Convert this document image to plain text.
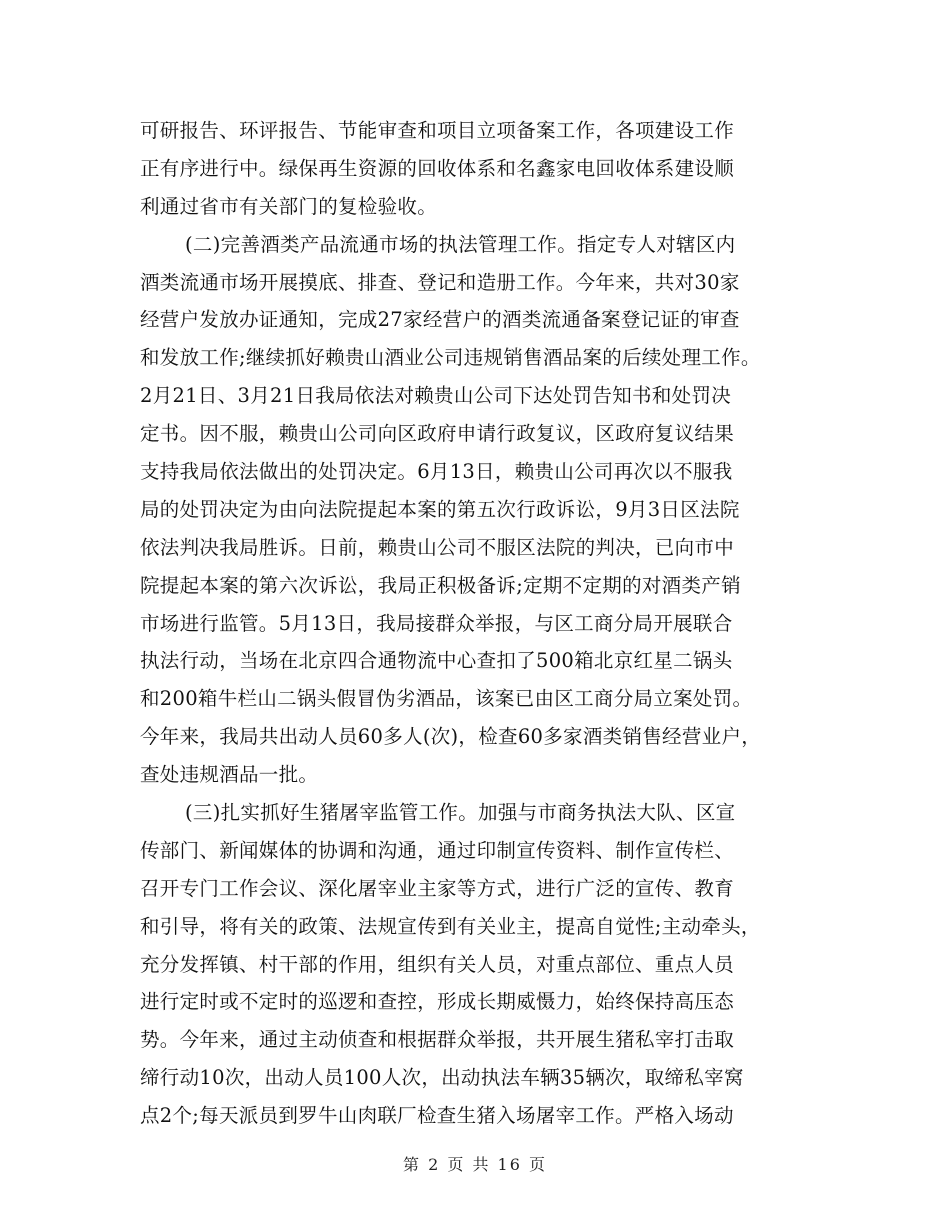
可研报告、环评报告、节能审查和项目立项备案工作，各项建设工作
正有序进行中。绿保再生资源的回收体系和名鑫家电回收体系建设顺
利通过省市有关部门的复检验收。
(二)完善酒类产品流通市场的执法管理工作。指定专人对辖区内
酒类流通市场开展摸底、排查、登记和造册工作。今年来，共对30家
经营户发放办证通知，完成27家经营户的酒类流通备案登记证的审查
和发放工作;继续抓好赖贵山酒业公司违规销售酒品案的后续处理工作。
2月21日、3月21日我局依法对赖贵山公司下达处罚告知书和处罚决
定书。因不服，赖贵山公司向区政府申请行政复议，区政府复议结果
支持我局依法做出的处罚决定。6月13日，赖贵山公司再次以不服我
局的处罚决定为由向法院提起本案的第五次行政诉讼，9月3日区法院
依法判决我局胜诉。日前，赖贵山公司不服区法院的判决，已向市中
院提起本案的第六次诉讼，我局正积极备诉;定期不定期的对酒类产销
市场进行监管。5月13日，我局接群众举报，与区工商分局开展联合
执法行动，当场在北京四合通物流中心查扣了500箱北京红星二锅头
和200箱牛栏山二锅头假冒伪劣酒品，该案已由区工商分局立案处罚。
今年来，我局共出动人员60多人(次)，检查60多家酒类销售经营业户，
查处违规酒品一批。
(三)扎实抓好生猪屠宰监管工作。加强与市商务执法大队、区宣
传部门、新闻媒体的协调和沟通，通过印制宣传资料、制作宣传栏、
召开专门工作会议、深化屠宰业主家等方式，进行广泛的宣传、教育
和引导，将有关的政策、法规宣传到有关业主，提高自觉性;主动牵头，
充分发挥镇、村干部的作用，组织有关人员，对重点部位、重点人员
进行定时或不定时的巡逻和查控，形成长期威慑力，始终保持高压态
势。今年来，通过主动侦查和根据群众举报，共开展生猪私宰打击取
缔行动10次，出动人员100人次，出动执法车辆35辆次，取缔私宰窝
点2个;每天派员到罗牛山肉联厂检查生猪入场屠宰工作。严格入场动
第 2 页 共 16 页
